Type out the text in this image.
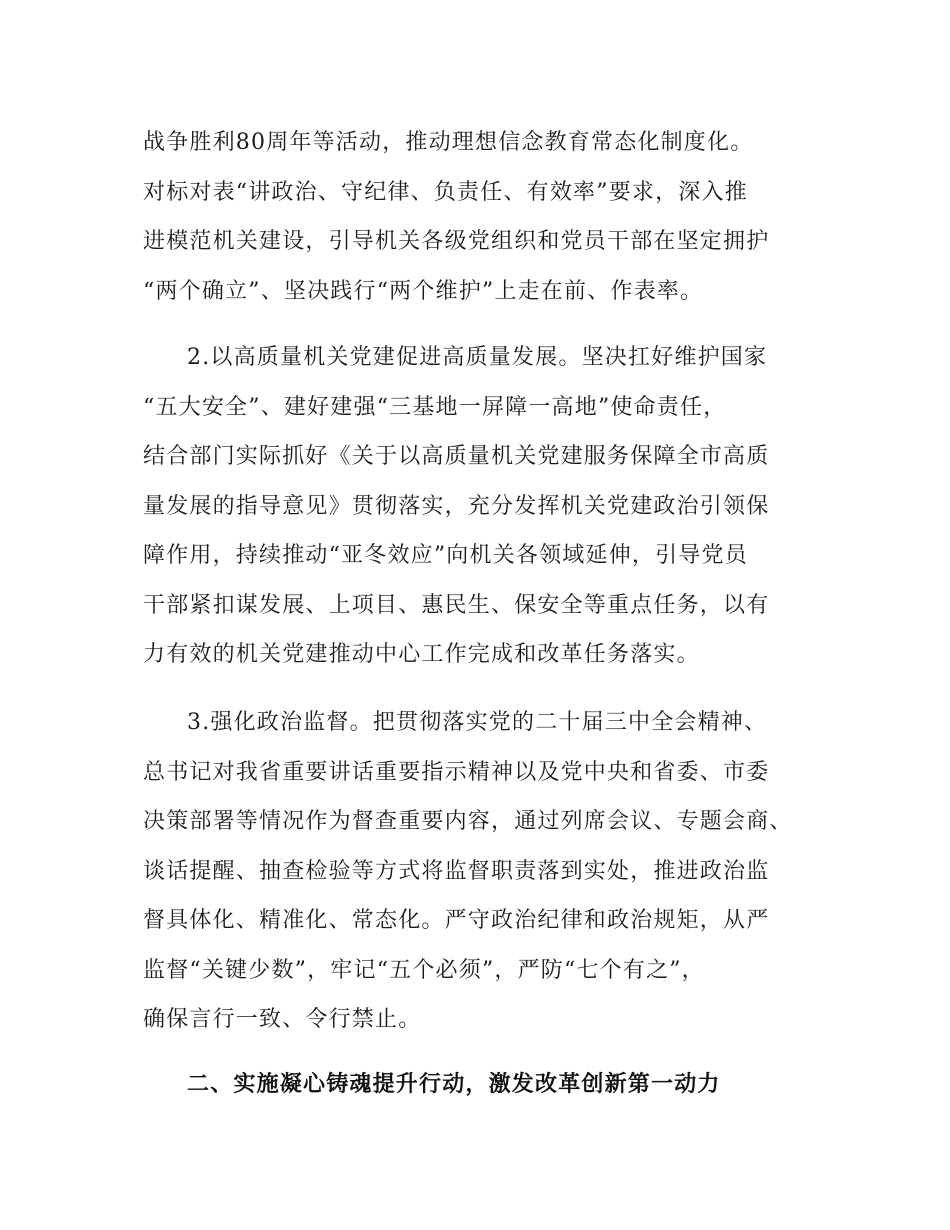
战争胜利80周年等活动，推动理想信念教育常态化制度化。
对标对表“讲政治、守纪律、负责任、有效率”要求，深入推
进模范机关建设，引导机关各级党组织和党员干部在坚定拥护
“两个确立”、坚决践行“两个维护”上走在前、作表率。

2.以高质量机关党建促进高质量发展。坚决扛好维护国家
“五大安全”、建好建强“三基地一屏障一高地”使命责任，
结合部门实际抓好《关于以高质量机关党建服务保障全市高质
量发展的指导意见》贯彻落实，充分发挥机关党建政治引领保
障作用，持续推动“亚冬效应”向机关各领域延伸，引导党员
干部紧扣谋发展、上项目、惠民生、保安全等重点任务，以有
力有效的机关党建推动中心工作完成和改革任务落实。

3.强化政治监督。把贯彻落实党的二十届三中全会精神、
总书记对我省重要讲话重要指示精神以及党中央和省委、市委
决策部署等情况作为督查重要内容，通过列席会议、专题会商、
谈话提醒、抽查检验等方式将监督职责落到实处，推进政治监
督具体化、精准化、常态化。严守政治纪律和政治规矩，从严
监督“关键少数”，牢记“五个必须”，严防“七个有之”，
确保言行一致、令行禁止。

二、实施凝心铸魂提升行动，激发改革创新第一动力
